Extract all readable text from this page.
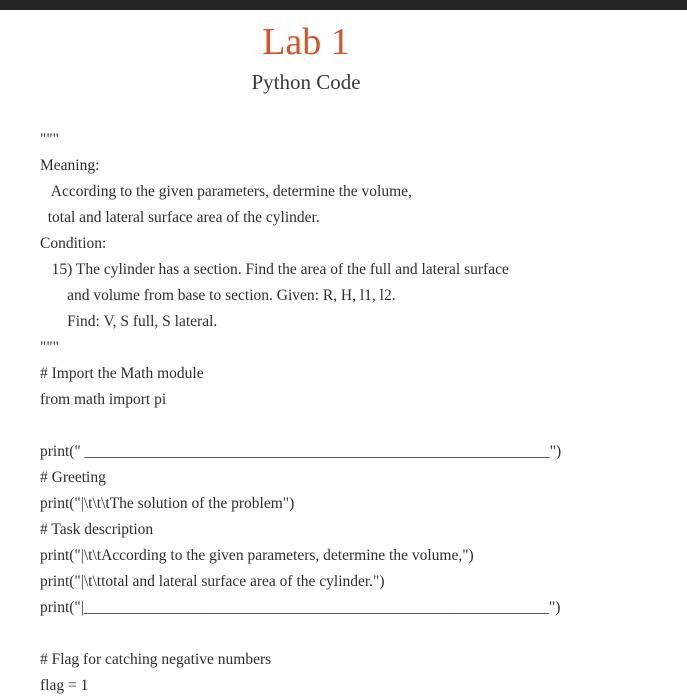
Lab 1
Python Code
"""
Meaning:
According to the given parameters, determine the volume,
total and lateral surface area of the cylinder.
Condition:
15) The cylinder has a section. Find the area of the full and lateral surface
and volume from base to section. Given: R, H, l1, l2.
Find: V, S full, S lateral.
"""
# Import the Math module
from math import pi
print(" ____________________________________________________________")
# Greeting
print("|\t\t\tThe solution of the problem")
# Task description
print("|\t\tAccording to the given parameters, determine the volume,")
print("|\t\ttotal and lateral surface area of the cylinder.")
print("|____________________________________________________________")
# Flag for catching negative numbers
flag = 1
